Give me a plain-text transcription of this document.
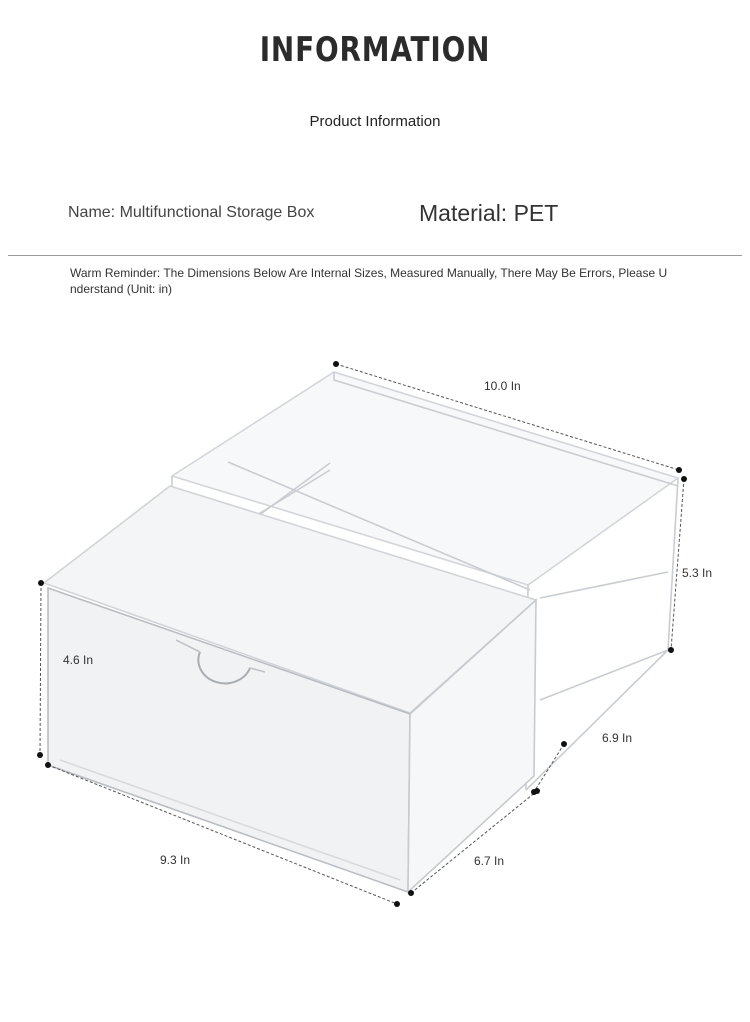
INFORMATION
Product Information
Name: Multifunctional Storage Box	Material: PET
Warm Reminder: The Dimensions Below Are Internal Sizes, Measured Manually, There May Be Errors, Please Understand (Unit: in)
10.0 In
5.3 In
4.6 In
6.9 In
9.3 In	6.7 In
